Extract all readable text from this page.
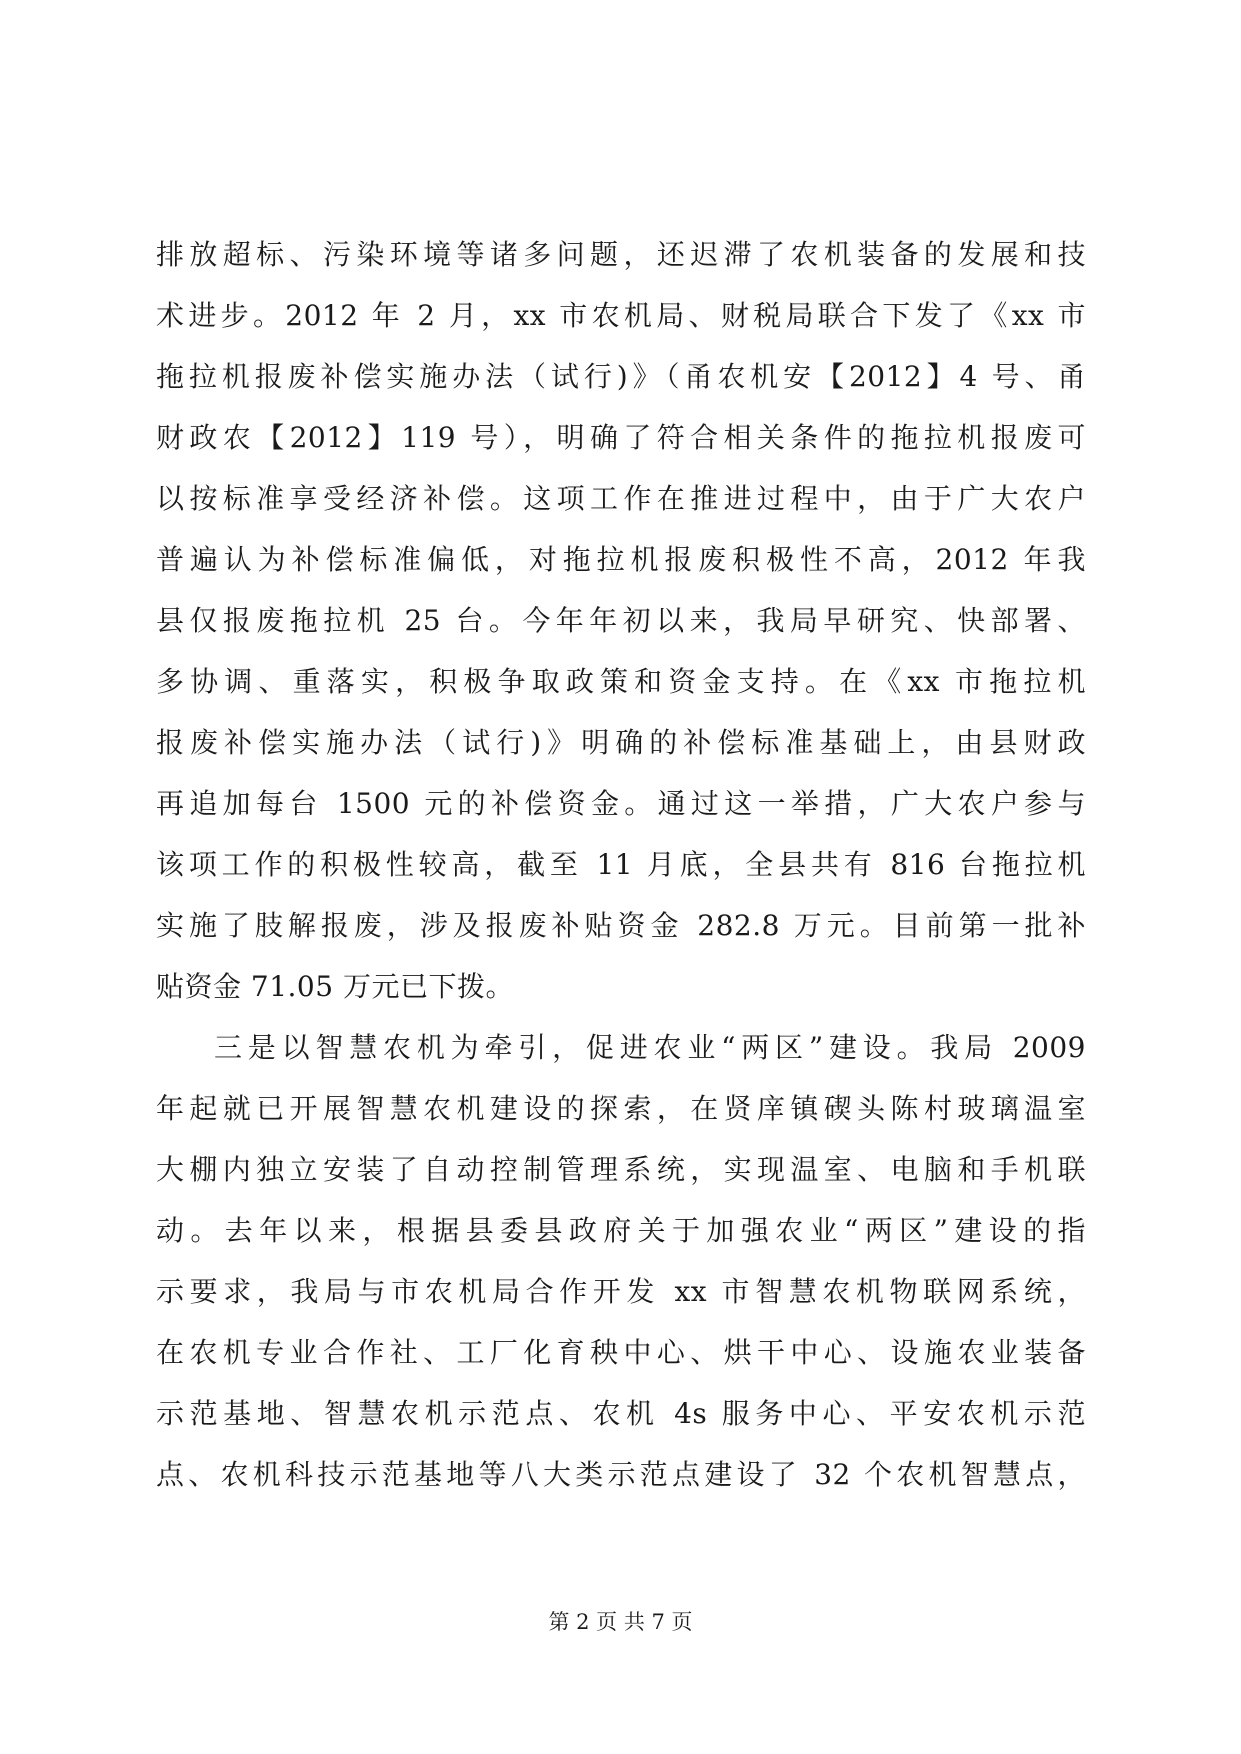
排放超标、污染环境等诸多问题，还迟滞了农机装备的发展和技
术进步。2012 年 2 月，xx 市农机局、财税局联合下发了《xx 市
拖拉机报废补偿实施办法（试行)》（甬农机安【2012】4 号、甬
财政农【2012】119 号），明确了符合相关条件的拖拉机报废可
以按标准享受经济补偿。这项工作在推进过程中，由于广大农户
普遍认为补偿标准偏低，对拖拉机报废积极性不高，2012 年我
县仅报废拖拉机 25 台。今年年初以来，我局早研究、快部署、
多协调、重落实，积极争取政策和资金支持。在《xx 市拖拉机
报废补偿实施办法（试行)》明确的补偿标准基础上，由县财政
再追加每台 1500 元的补偿资金。通过这一举措，广大农户参与
该项工作的积极性较高，截至 11 月底，全县共有 816 台拖拉机
实施了肢解报废，涉及报废补贴资金 282.8 万元。目前第一批补
贴资金 71.05 万元已下拨。
三是以智慧农机为牵引，促进农业“两区”建设。我局 2009
年起就已开展智慧农机建设的探索，在贤庠镇碶头陈村玻璃温室
大棚内独立安装了自动控制管理系统，实现温室、电脑和手机联
动。去年以来，根据县委县政府关于加强农业“两区”建设的指
示要求，我局与市农机局合作开发 xx 市智慧农机物联网系统，
在农机专业合作社、工厂化育秧中心、烘干中心、设施农业装备
示范基地、智慧农机示范点、农机 4s 服务中心、平安农机示范
点、农机科技示范基地等八大类示范点建设了 32 个农机智慧点，
第 2 页 共 7 页
